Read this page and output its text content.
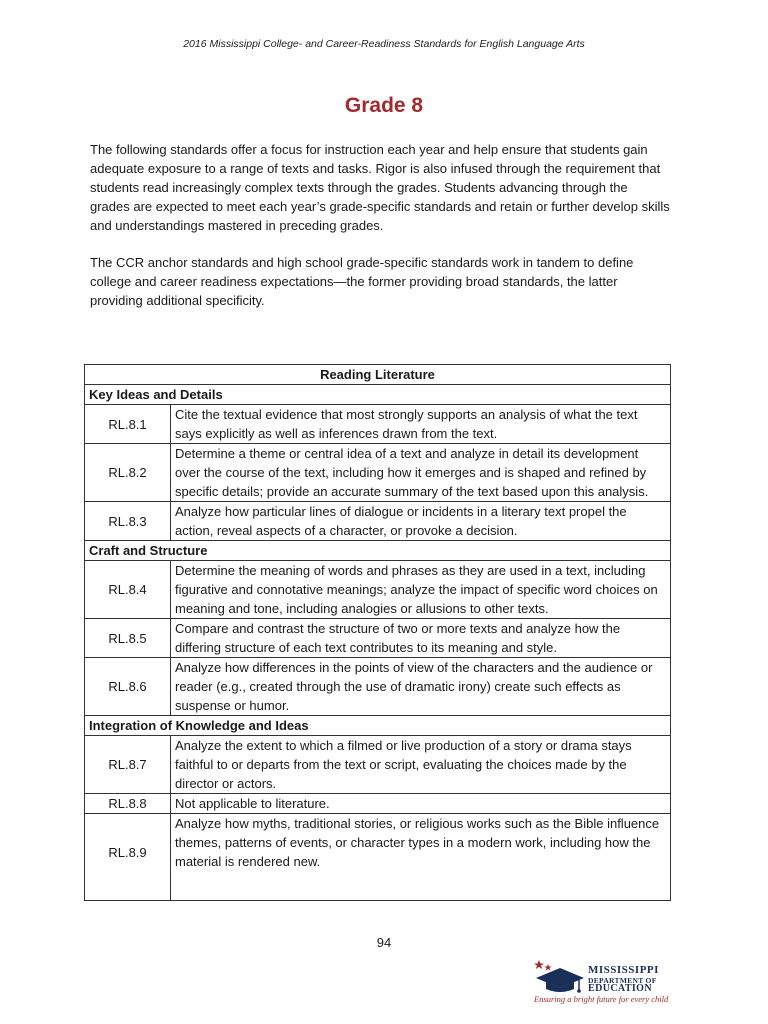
2016 Mississippi College- and Career-Readiness Standards for English Language Arts
Grade 8

The following standards offer a focus for instruction each year and help ensure that students gain adequate exposure to a range of texts and tasks. Rigor is also infused through the requirement that students read increasingly complex texts through the grades. Students advancing through the grades are expected to meet each year’s grade-specific standards and retain or further develop skills and understandings mastered in preceding grades.

The CCR anchor standards and high school grade-specific standards work in tandem to define college and career readiness expectations—the former providing broad standards, the latter providing additional specificity.

Reading Literature	
Key Ideas and Details	
RL.8.1	Cite the textual evidence that most strongly supports an analysis of what the text says explicitly as well as inferences drawn from the text.
RL.8.2	Determine a theme or central idea of a text and analyze in detail its development over the course of the text, including how it emerges and is shaped and refined by specific details; provide an accurate summary of the text based upon this analysis.
RL.8.3	Analyze how particular lines of dialogue or incidents in a literary text propel the action, reveal aspects of a character, or provoke a decision.
Craft and Structure	
RL.8.4	Determine the meaning of words and phrases as they are used in a text, including figurative and connotative meanings; analyze the impact of specific word choices on meaning and tone, including analogies or allusions to other texts.
RL.8.5	Compare and contrast the structure of two or more texts and analyze how the differing structure of each text contributes to its meaning and style.
RL.8.6	Analyze how differences in the points of view of the characters and the audience or reader (e.g., created through the use of dramatic irony) create such effects as suspense or humor.
Integration of Knowledge and Ideas	
RL.8.7	Analyze the extent to which a filmed or live production of a story or drama stays faithful to or departs from the text or script, evaluating the choices made by the director or actors.
RL.8.8	Not applicable to literature.
RL.8.9	Analyze how myths, traditional stories, or religious works such as the Bible influence themes, patterns of events, or character types in a modern work, including how the material is rendered new.
94
MISSISSIPPI
DEPARTMENT OF
EDUCATION
Ensuring a bright future for every child
